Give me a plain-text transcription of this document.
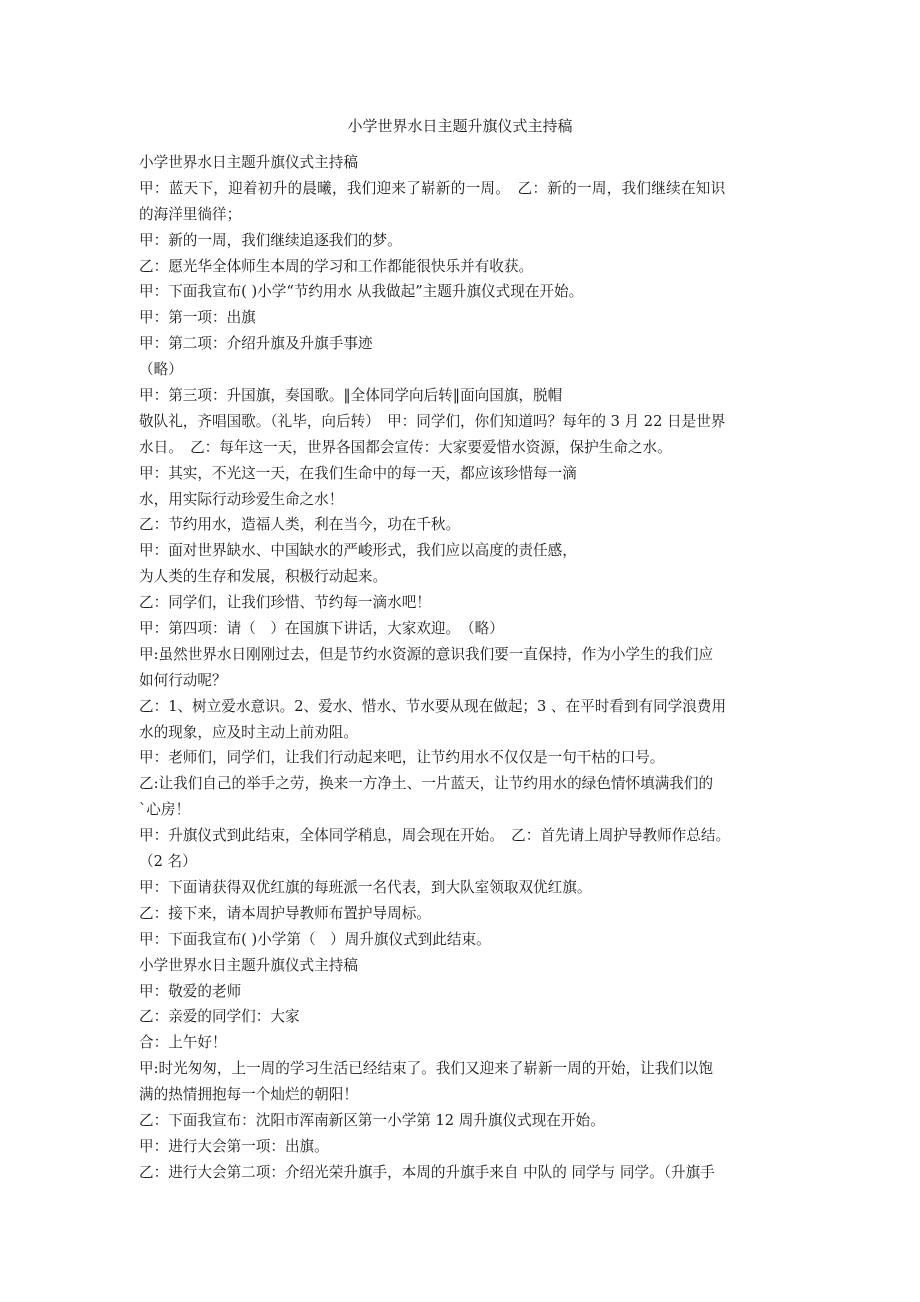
小学世界水日主题升旗仪式主持稿
小学世界水日主题升旗仪式主持稿
甲：蓝天下，迎着初升的晨曦，我们迎来了崭新的一周。　乙：新的一周，我们继续在知识
的海洋里徜徉；
甲：新的一周，我们继续追逐我们的梦。
乙：愿光华全体师生本周的学习和工作都能很快乐并有收获。
甲：下面我宣布( )小学“节约用水 从我做起”主题升旗仪式现在开始。
甲：第一项：出旗
甲：第二项：介绍升旗及升旗手事迹
（略）
甲：第三项：升国旗，奏国歌。‖全体同学向后转‖面向国旗，脱帽
敬队礼，齐唱国歌。（礼毕，向后转）　甲：同学们，你们知道吗？每年的 3 月 22 日是世界
水日。　乙：每年这一天，世界各国都会宣传：大家要爱惜水资源，保护生命之水。
甲：其实，不光这一天，在我们生命中的每一天，都应该珍惜每一滴
水，用实际行动珍爱生命之水！
乙：节约用水，造福人类，利在当今，功在千秋。
甲：面对世界缺水、中国缺水的严峻形式，我们应以高度的责任感，
为人类的生存和发展，积极行动起来。
乙：同学们，让我们珍惜、节约每一滴水吧！
甲：第四项：请（　）在国旗下讲话，大家欢迎。　（略）
甲:虽然世界水日刚刚过去，但是节约水资源的意识我们要一直保持，作为小学生的我们应
如何行动呢？
乙：1、树立爱水意识。2、爱水、惜水、节水要从现在做起；3 、在平时看到有同学浪费用
水的现象，应及时主动上前劝阻。
甲：老师们，同学们，让我们行动起来吧，让节约用水不仅仅是一句干枯的口号。
乙:让我们自己的举手之劳，换来一方净土、一片蓝天，让节约用水的绿色情怀填满我们的
`心房！
甲：升旗仪式到此结束，全体同学稍息，周会现在开始。　乙：首先请上周护导教师作总结。
（2 名）
甲：下面请获得双优红旗的每班派一名代表，到大队室领取双优红旗。
乙：接下来，请本周护导教师布置护导周标。
甲：下面我宣布( )小学第（　）周升旗仪式到此结束。
小学世界水日主题升旗仪式主持稿
甲：敬爱的老师
乙：亲爱的同学们：大家
合：上午好！
甲:时光匆匆，上一周的学习生活已经结束了。我们又迎来了崭新一周的开始，让我们以饱
满的热情拥抱每一个灿烂的朝阳！
乙：下面我宣布：沈阳市浑南新区第一小学第 12 周升旗仪式现在开始。
甲：进行大会第一项：出旗。
乙：进行大会第二项：介绍光荣升旗手，本周的升旗手来自 中队的 同学与 同学。（升旗手
